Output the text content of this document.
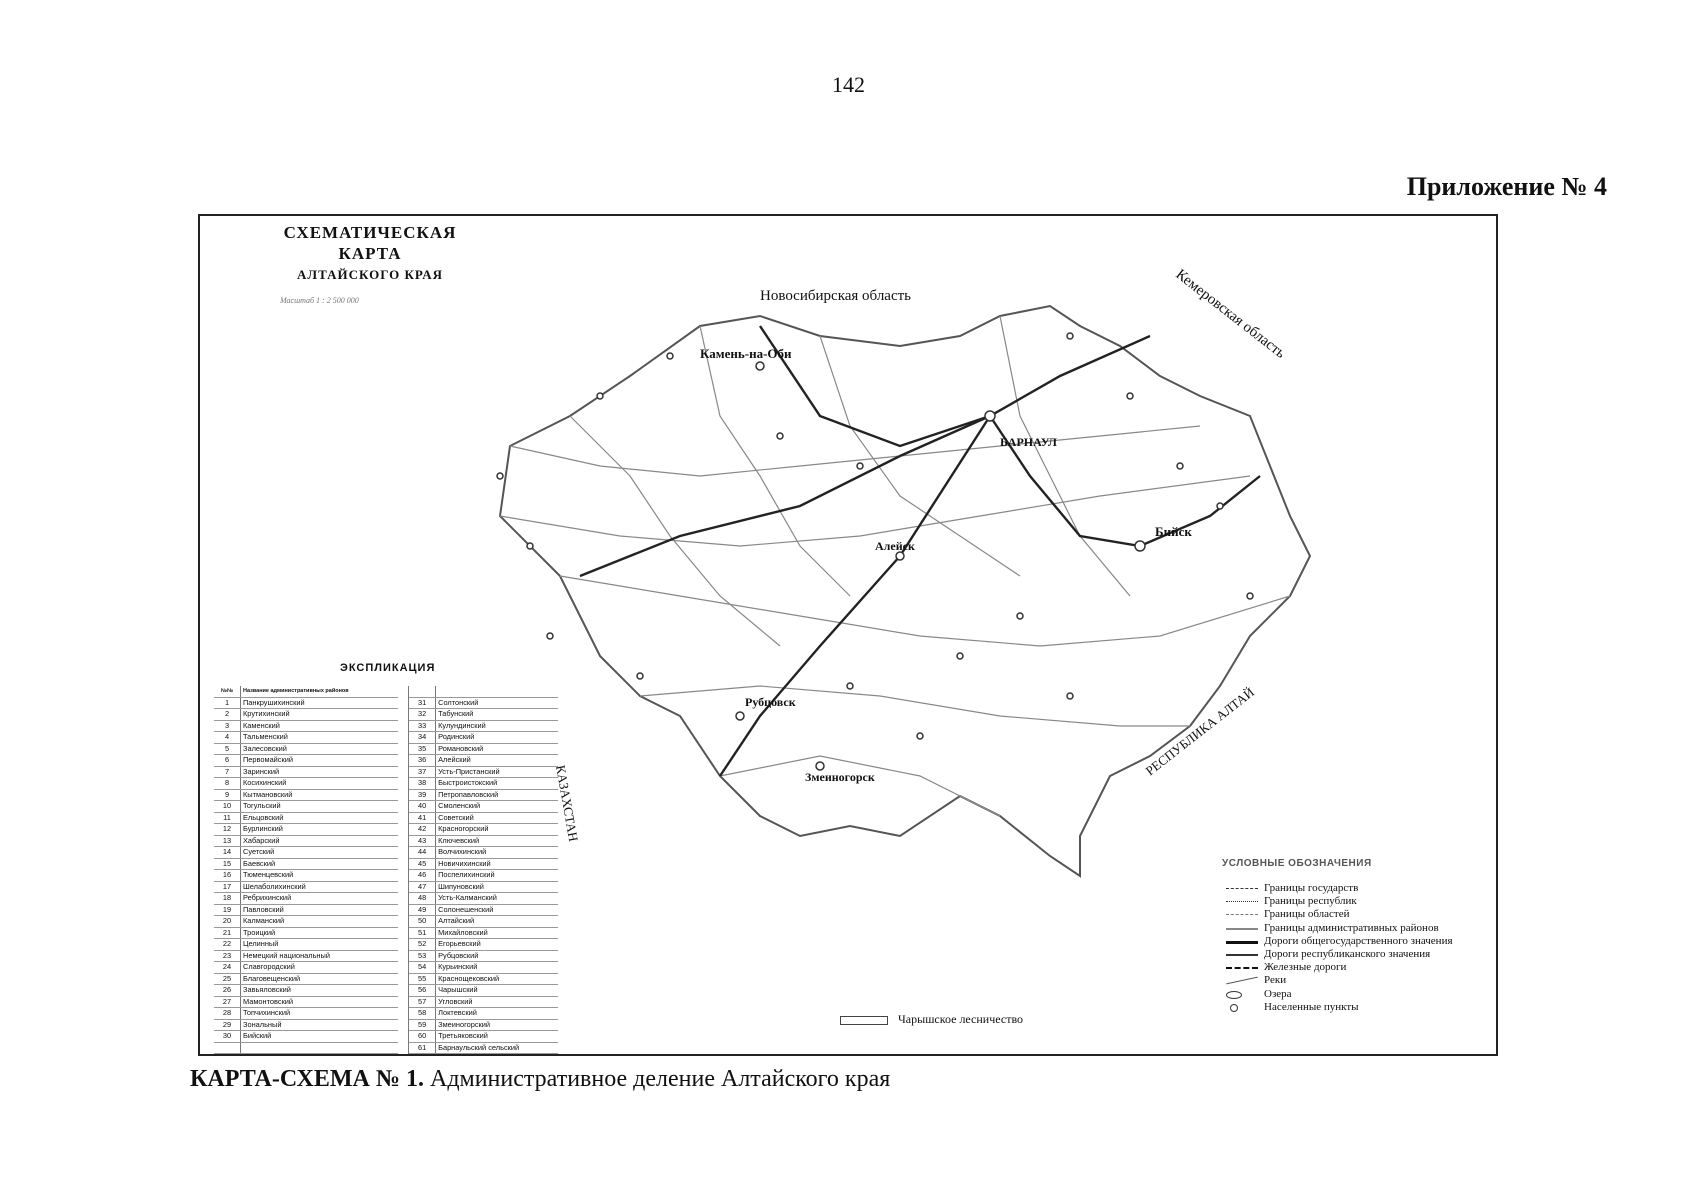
142
Приложение № 4
Новосибирская область	Кемеровская область
РЕСПУБЛИКА АЛТАЙ
КАЗАХСТАН
Камень-на-Оби
БАРНАУЛ
Бийск
Алейск
Рубцовск
Змеиногорск
СХЕМАТИЧЕСКАЯ
КАРТА
АЛТАЙСКОГО КРАЯ
Масштаб 1 : 2 500 000
ЭКСПЛИКАЦИЯ
№№	Название административных районов			
1	Панкрушихинский		31	Солтонский
2	Крутихинский		32	Табунский
3	Каменский		33	Кулундинский
4	Тальменский		34	Родинский
5	Залесовский		35	Романовский
6	Первомайский		36	Алейский
7	Заринский		37	Усть-Пристанский
8	Косихинский		38	Быстроистокский
9	Кытмановский		39	Петропавловский
10	Тогульский		40	Смоленский
11	Ельцовский		41	Советский
12	Бурлинский		42	Красногорский
13	Хабарский		43	Ключевский
14	Суетский		44	Волчихинский
15	Баевский		45	Новичихинский
16	Тюменцевский		46	Поспелихинский
17	Шелаболихинский		47	Шипуновский
18	Ребрихинский		48	Усть-Калманский
19	Павловский		49	Солонешенский
20	Калманский		50	Алтайский
21	Троицкий		51	Михайловский
22	Целинный		52	Егорьевский
23	Немецкий национальный		53	Рубцовский
24	Славгородский		54	Курьинский
25	Благовещенский		55	Краснощековский
26	Завьяловский		56	Чарышский
27	Мамонтовский		57	Угловский
28	Топчихинский		58	Локтевский
29	Зональный		59	Змеиногорский
30	Бийский		60	Третьяковский
			61	Барнаульский сельский
УСЛОВНЫЕ ОБОЗНАЧЕНИЯ
Границы государств
Границы республик
Границы областей
Границы административных районов
Дороги общегосударственного значения
Дороги республиканского значения
Железные дороги
Реки
Озера
Населенные пункты
Чарышское лесничество
КАРТА-СХЕМА № 1. Административное деление Алтайского края
